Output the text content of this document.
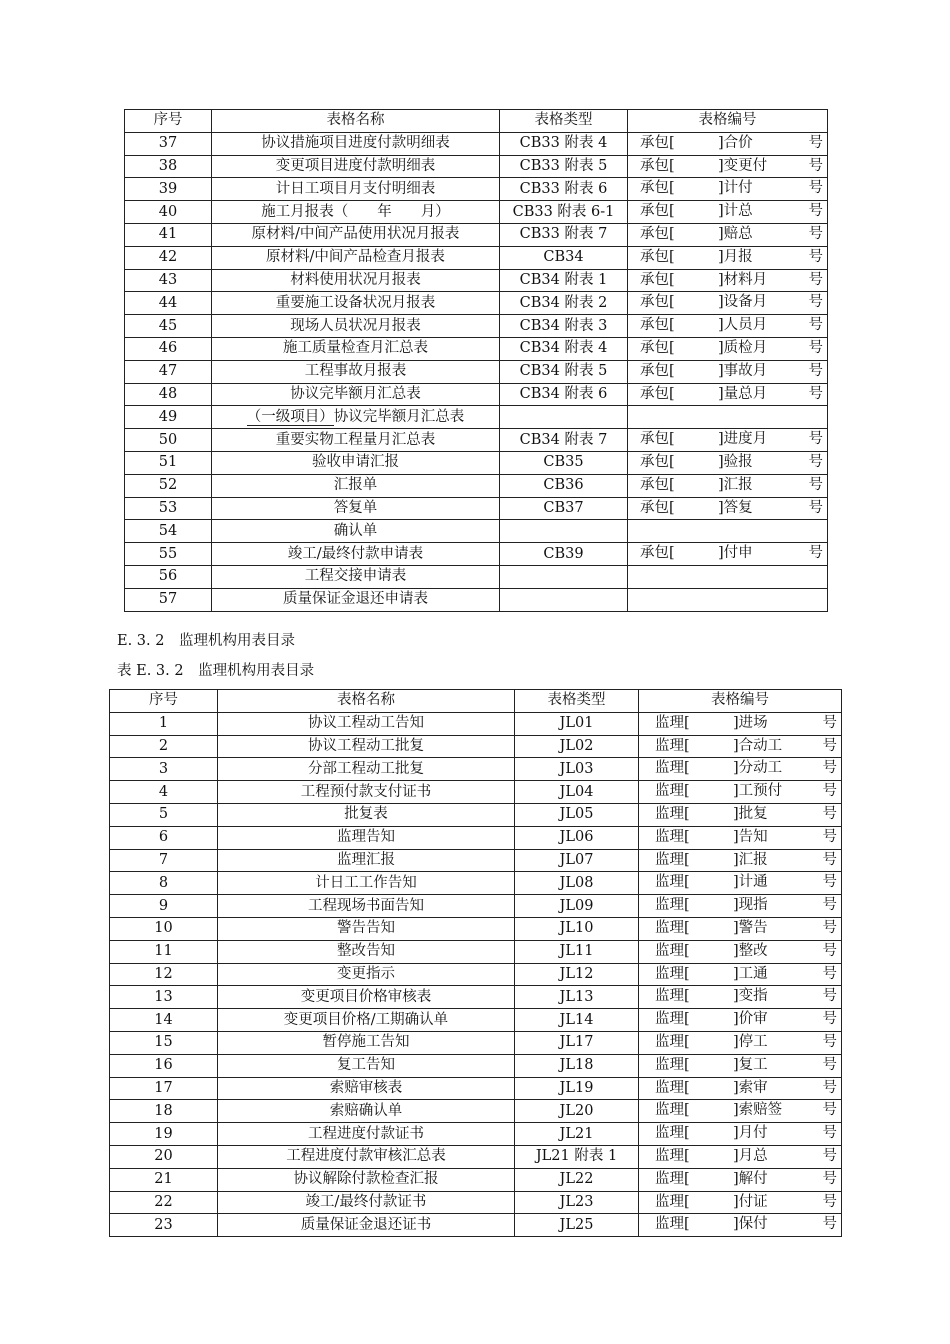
序号	表格名称	表格类型	表格编号
37	协议措施项目进度付款明细表	CB33 附表 4	承包[ ]合价 号

38	变更项目进度付款明细表	CB33 附表 5	承包[ ]变更付 号

39	计日工项目月支付明细表	CB33 附表 6	承包[ ]计付 号

40	施工月报表（　　年　　月）	CB33 附表 6-1	承包[ ]计总 号

41	原材料/中间产品使用状况月报表	CB33 附表 7	承包[ ]赔总 号

42	原材料/中间产品检查月报表	CB34	承包[ ]月报 号

43	材料使用状况月报表	CB34 附表 1	承包[ ]材料月 号

44	重要施工设备状况月报表	CB34 附表 2	承包[ ]设备月 号

45	现场人员状况月报表	CB34 附表 3	承包[ ]人员月 号

46	施工质量检查月汇总表	CB34 附表 4	承包[ ]质检月 号

47	工程事故月报表	CB34 附表 5	承包[ ]事故月 号

48	协议完毕额月汇总表	CB34 附表 6	承包[ ]量总月 号

49	（一级项目）协议完毕额月汇总表		

50	重要实物工程量月汇总表	CB34 附表 7	承包[ ]进度月 号

51	验收申请汇报	CB35	承包[ ]验报 号

52	汇报单	CB36	承包[ ]汇报 号

53	答复单	CB37	承包[ ]答复 号

54	确认单		

55	竣工/最终付款申请表	CB39	承包[ ]付申 号

56	工程交接申请表		

57	质量保证金退还申请表		
E. 3. 2　监理机构用表目录
表 E. 3. 2　监理机构用表目录
序号	表格名称	表格类型	表格编号
1	协议工程动工告知	JL01	监理[ ]进场 号

2	协议工程动工批复	JL02	监理[ ]合动工 号

3	分部工程动工批复	JL03	监理[ ]分动工 号

4	工程预付款支付证书	JL04	监理[ ]工预付 号

5	批复表	JL05	监理[ ]批复 号

6	监理告知	JL06	监理[ ]告知 号

7	监理汇报	JL07	监理[ ]汇报 号

8	计日工工作告知	JL08	监理[ ]计通 号

9	工程现场书面告知	JL09	监理[ ]现指 号

10	警告告知	JL10	监理[ ]警告 号

11	整改告知	JL11	监理[ ]整改 号

12	变更指示	JL12	监理[ ]工通 号

13	变更项目价格审核表	JL13	监理[ ]变指 号

14	变更项目价格/工期确认单	JL14	监理[ ]价审 号

15	暂停施工告知	JL17	监理[ ]停工 号

16	复工告知	JL18	监理[ ]复工 号

17	索赔审核表	JL19	监理[ ]索审 号

18	索赔确认单	JL20	监理[ ]索赔签 号

19	工程进度付款证书	JL21	监理[ ]月付 号

20	工程进度付款审核汇总表	JL21 附表 1	监理[ ]月总 号

21	协议解除付款检查汇报	JL22	监理[ ]解付 号

22	竣工/最终付款证书	JL23	监理[ ]付证 号

23	质量保证金退还证书	JL25	监理[ ]保付 号
